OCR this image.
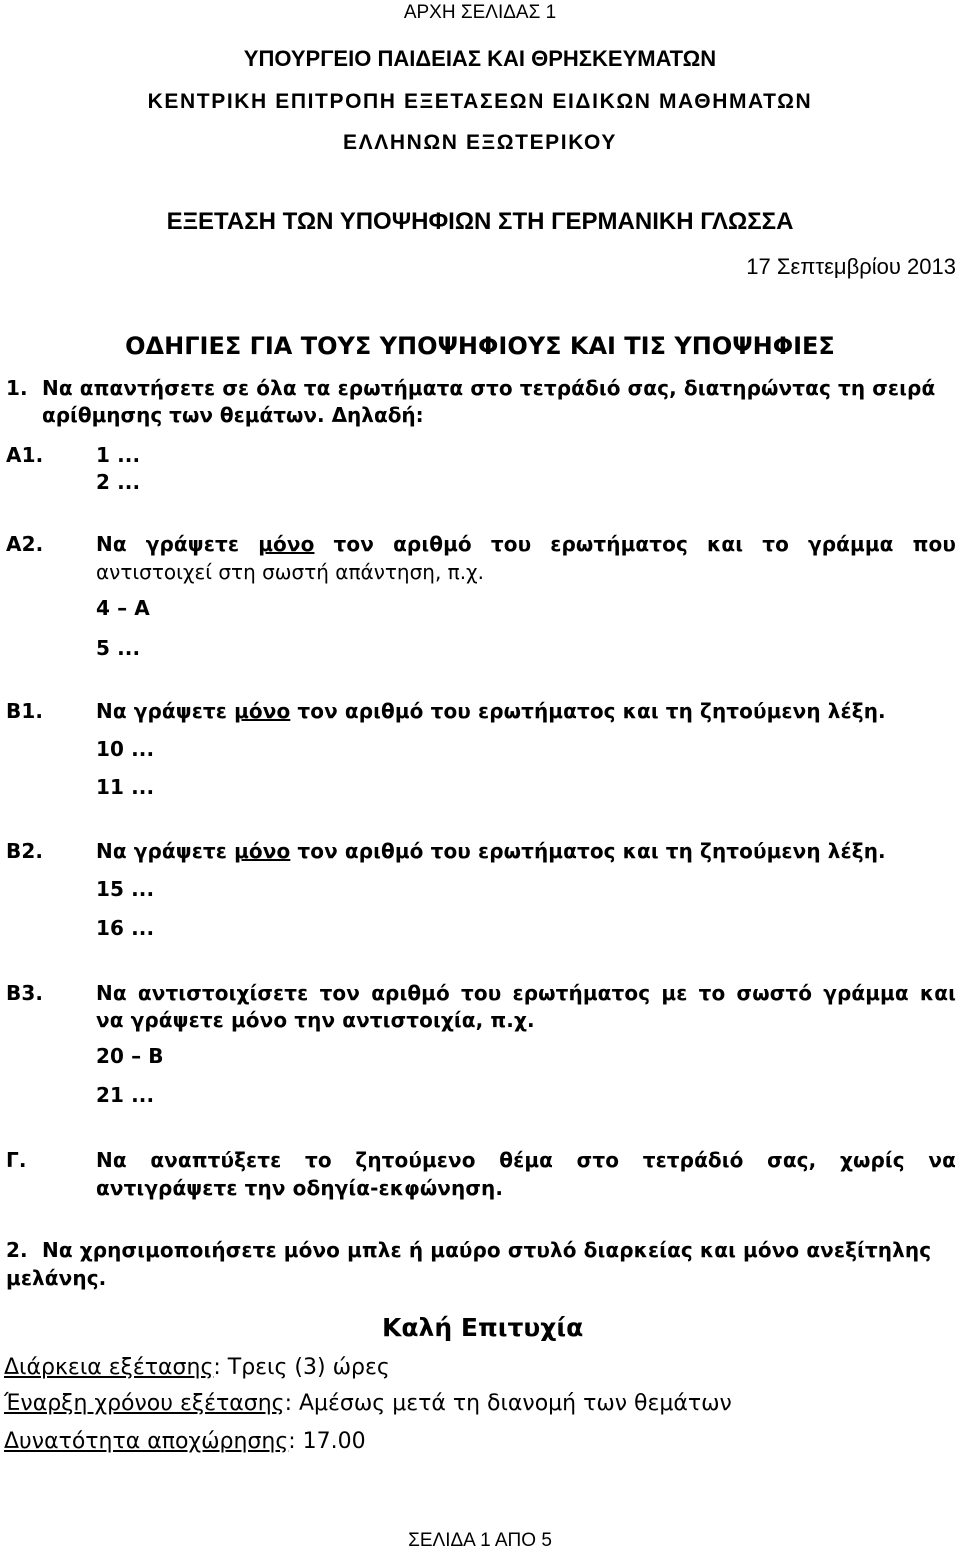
ΑΡΧΗ ΣΕΛΙΔΑΣ 1
ΥΠΟΥΡΓΕΙΟ ΠΑΙΔΕΙΑΣ ΚΑΙ ΘΡΗΣΚΕΥΜΑΤΩΝ
ΚΕΝΤΡΙΚΗ ΕΠΙΤΡΟΠΗ ΕΞΕΤΑΣΕΩΝ ΕΙΔΙΚΩΝ ΜΑΘΗΜΑΤΩΝ
ΕΛΛΗΝΩΝ ΕΞΩΤΕΡΙΚΟΥ
ΕΞΕΤΑΣΗ ΤΩΝ ΥΠΟΨΗΦΙΩΝ ΣΤΗ ΓΕΡΜΑΝΙΚΗ ΓΛΩΣΣΑ
17 Σεπτεμβρίου 2013
ΟΔΗΓΙΕΣ ΓΙΑ ΤΟΥΣ ΥΠΟΨΗΦΙΟΥΣ ΚΑΙ ΤΙΣ ΥΠΟΨΗΦΙΕΣ
1. Να απαντήσετε σε όλα τα ερωτήματα στο τετράδιό σας, διατηρώντας τη σειρά
αρίθμησης των θεμάτων. Δηλαδή:
Α1.	1 ...
2 ...
Α2.	Να γράψετε μόνο τον αριθμό του ερωτήματος και το γράμμα που
αντιστοιχεί στη σωστή απάντηση, π.χ.
4 – Α
5 ...
Β1.	Να γράψετε μόνο τον αριθμό του ερωτήματος και τη ζητούμενη λέξη.
10 ...
11 ...
Β2.	Να γράψετε μόνο τον αριθμό του ερωτήματος και τη ζητούμενη λέξη.
15 ...
16 ...
Β3.	Να αντιστοιχίσετε τον αριθμό του ερωτήματος με το σωστό γράμμα και
να γράψετε μόνο την αντιστοιχία, π.χ.
20 – Β
21 ...
Γ.	Να αναπτύξετε το ζητούμενο θέμα στο τετράδιό σας, χωρίς να
αντιγράψετε την οδηγία-εκφώνηση.
2. Να χρησιμοποιήσετε μόνο μπλε ή μαύρο στυλό διαρκείας και μόνο ανεξίτηλης
μελάνης.
Καλή Επιτυχία
Διάρκεια εξέτασης: Τρεις (3) ώρες
Έναρξη χρόνου εξέτασης: Αμέσως μετά τη διανομή των θεμάτων
Δυνατότητα αποχώρησης: 17.00
ΣΕΛΙΔΑ 1 ΑΠΟ 5
